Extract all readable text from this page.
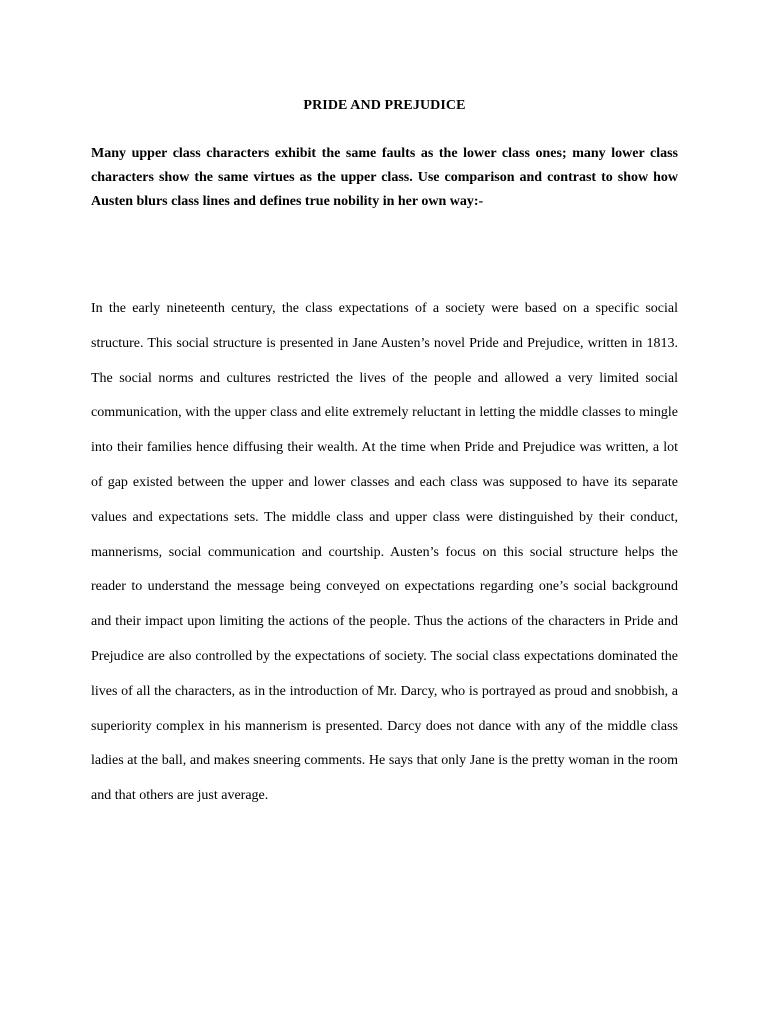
PRIDE AND PREJUDICE
Many upper class characters exhibit the same faults as the lower class ones; many lower class characters show the same virtues as the upper class. Use comparison and contrast to show how Austen blurs class lines and defines true nobility in her own way:-
In the early nineteenth century, the class expectations of a society were based on a specific social structure. This social structure is presented in Jane Austen’s novel Pride and Prejudice, written in 1813. The social norms and cultures restricted the lives of the people and allowed a very limited social communication, with the upper class and elite extremely reluctant in letting the middle classes to mingle into their families hence diffusing their wealth. At the time when Pride and Prejudice was written, a lot of gap existed between the upper and lower classes and each class was supposed to have its separate values and expectations sets. The middle class and upper class were distinguished by their conduct, mannerisms, social communication and courtship. Austen’s focus on this social structure helps the reader to understand the message being conveyed on expectations regarding one’s social background and their impact upon limiting the actions of the people. Thus the actions of the characters in Pride and Prejudice are also controlled by the expectations of society. The social class expectations dominated the lives of all the characters, as in the introduction of Mr. Darcy, who is portrayed as proud and snobbish, a superiority complex in his mannerism is presented. Darcy does not dance with any of the middle class ladies at the ball, and makes sneering comments. He says that only Jane is the pretty woman in the room and that others are just average.
